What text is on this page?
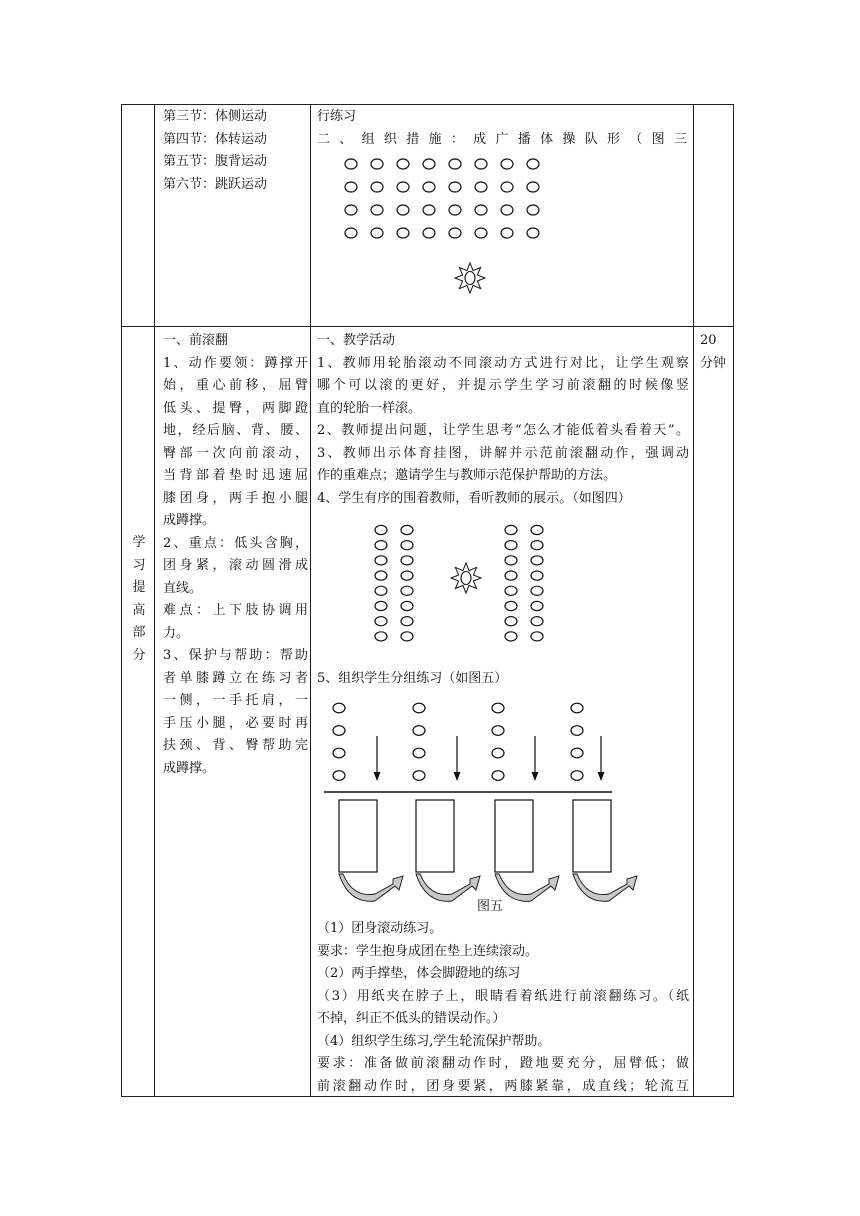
第三节：体侧运动

第四节：体转运动

第五节：腹背运动

第六节：跳跃运动

行练习

二、组织措施：成广播体操队形（图三

学

习

提

高

部

分

一、前滚翻

1、动作要领：蹲撑开

始，重心前移，屈臂

低头、提臀，两脚蹬

地，经后脑、背、腰、

臀部一次向前滚动，

当背部着垫时迅速屈

膝团身，两手抱小腿

成蹲撑。

2、重点：低头含胸，

团身紧，滚动圆滑成

直线。

难点：上下肢协调用

力。

3、保护与帮助：帮助

者单膝蹲立在练习者

一侧，一手托肩，一

手压小腿，必要时再

扶颈、背、臀帮助完

成蹲撑。

一、教学活动

1、教师用轮胎滚动不同滚动方式进行对比，让学生观察

哪个可以滚的更好，并提示学生学习前滚翻的时候像竖

直的轮胎一样滚。

2、教师提出问题，让学生思考“怎么才能低着头看着天”。

3、教师出示体育挂图，讲解并示范前滚翻动作，强调动

作的重难点；邀请学生与教师示范保护帮助的方法。

4、学生有序的围着教师，看听教师的展示。（如图四）

5、组织学生分组练习（如图五）

图五

（1）团身滚动练习。

要求：学生抱身成团在垫上连续滚动。

（2）两手撑垫，体会脚蹬地的练习

（3）用纸夹在脖子上，眼睛看着纸进行前滚翻练习。（纸

不掉，纠正不低头的错误动作。）

（4）组织学生练习,学生轮流保护帮助。

要求：准备做前滚翻动作时，蹬地要充分，屈臂低；做

前滚翻动作时，团身要紧，两膝紧靠，成直线；轮流互

20

分钟
